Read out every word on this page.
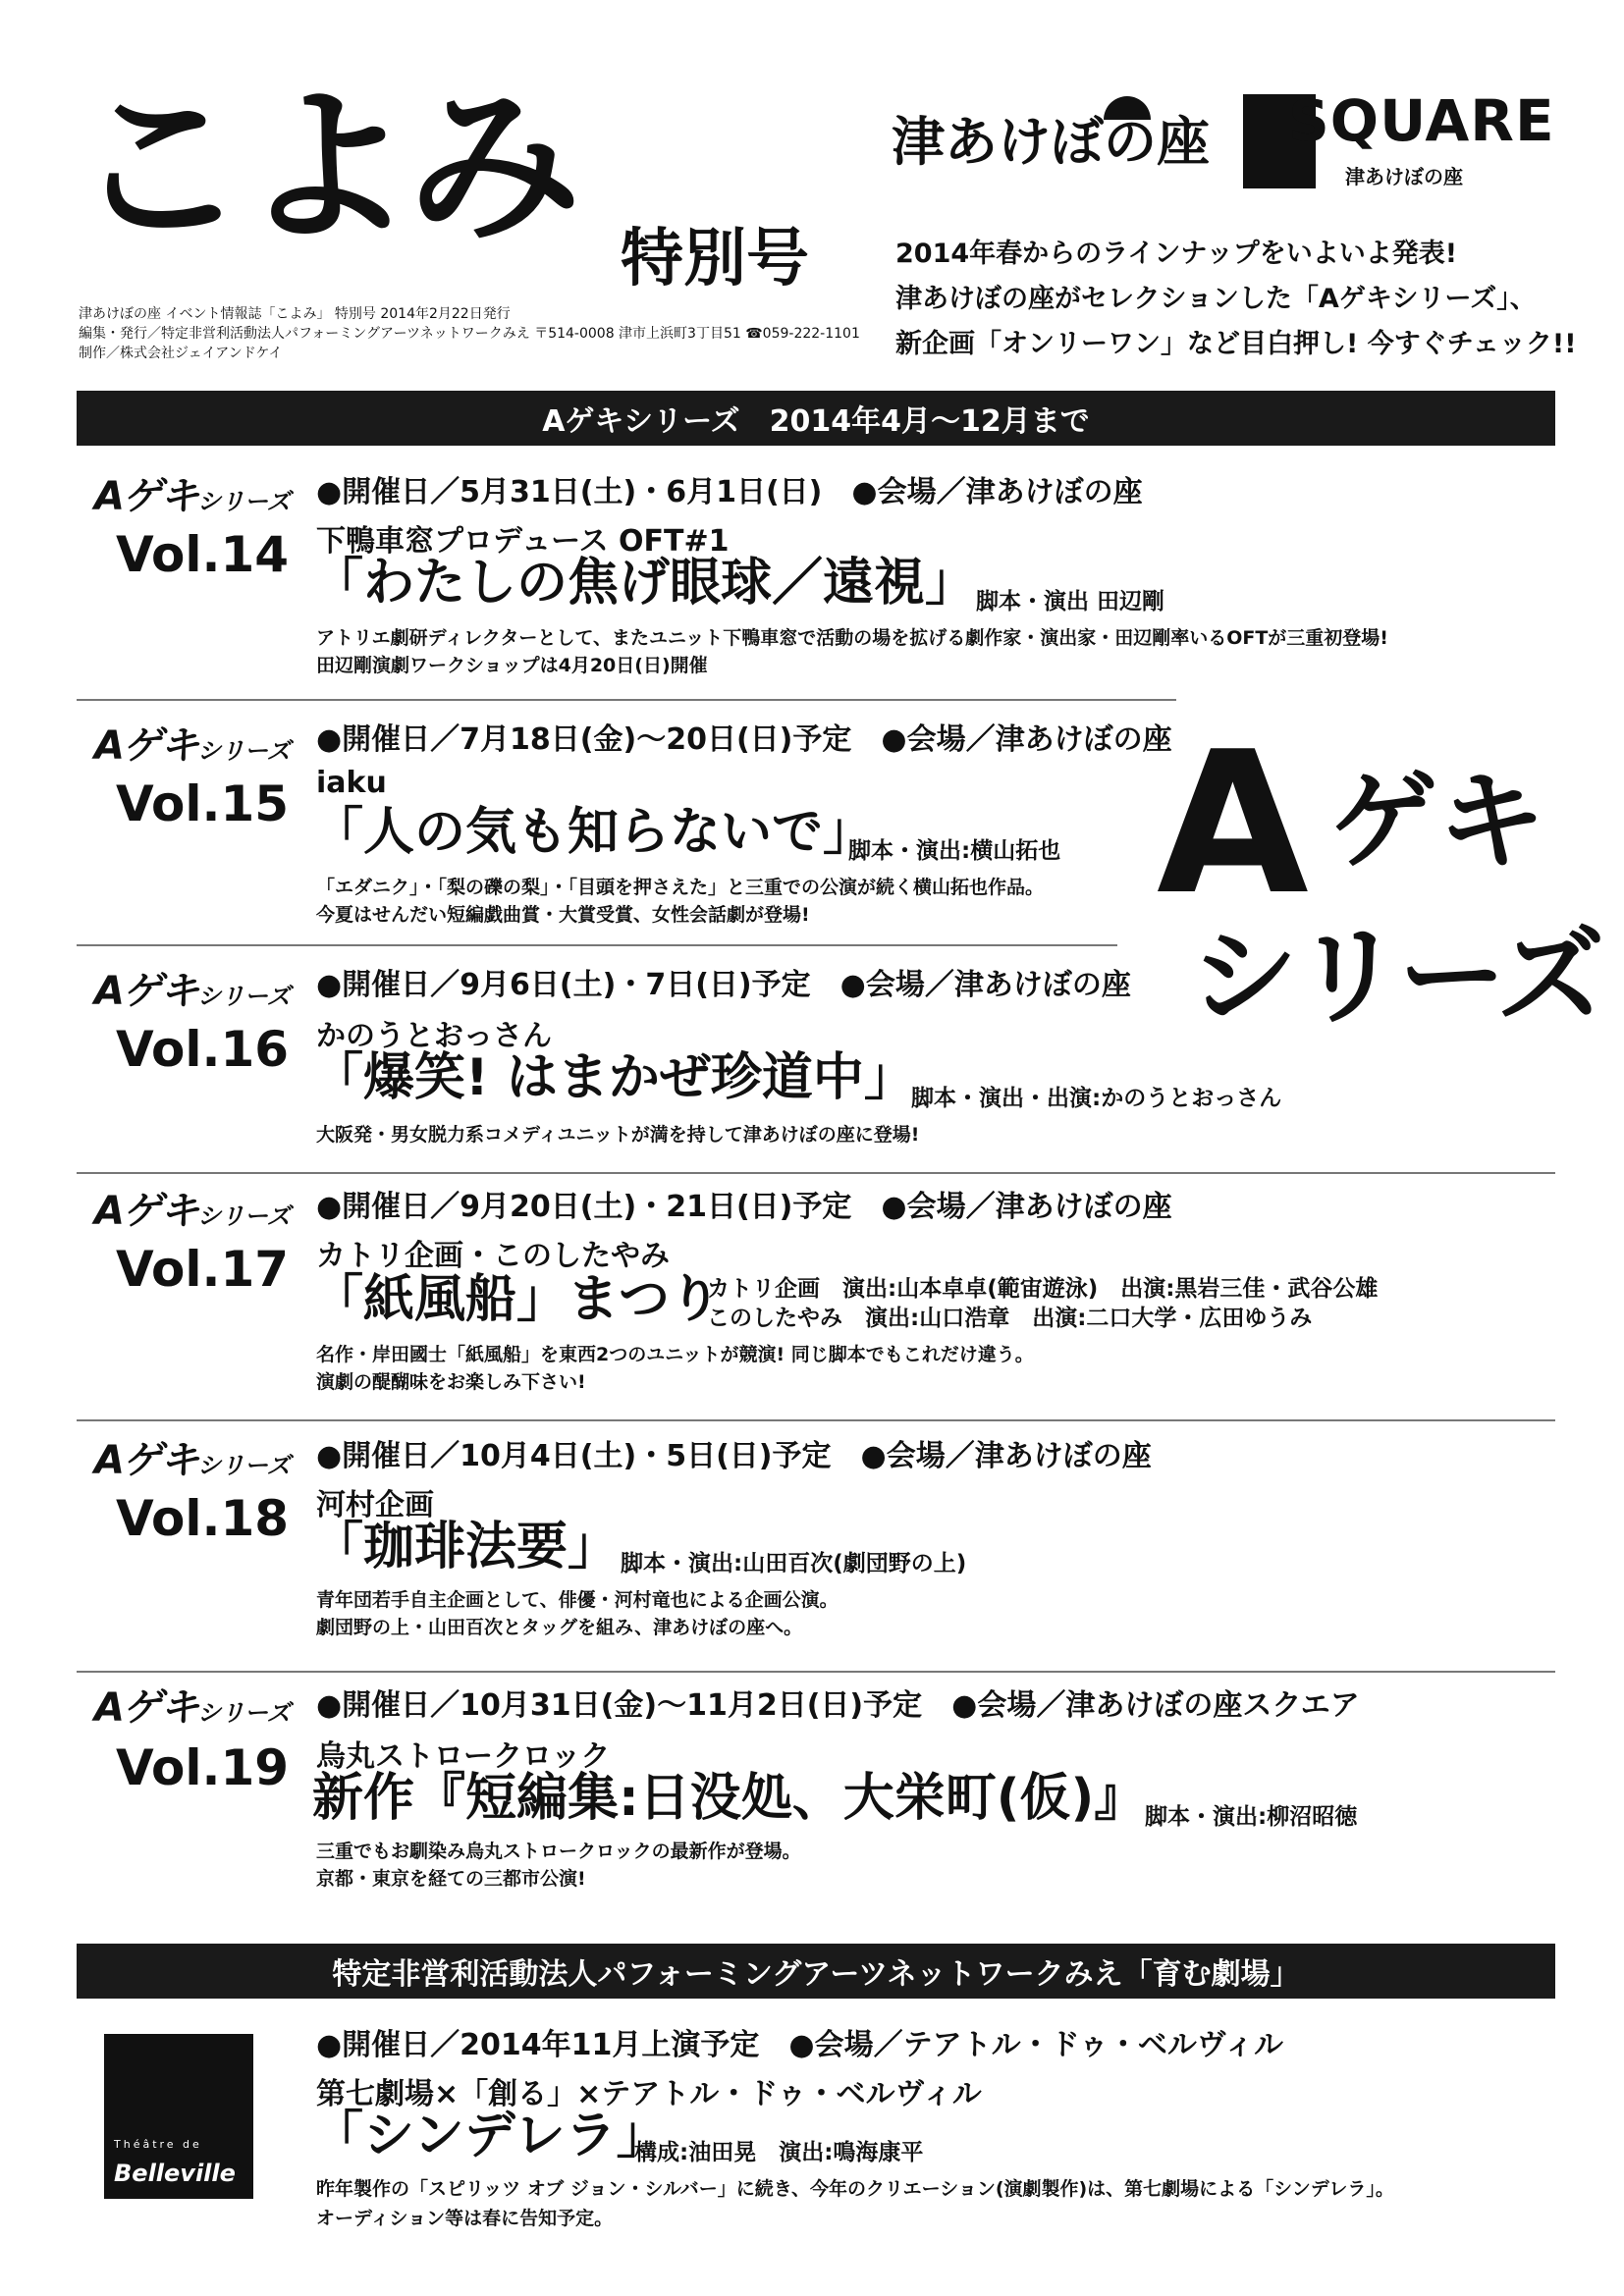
こよみ 特別号
津あけぼの座 イベント情報誌「こよみ」 特別号 2014年2月22日発行
編集・発行／特定非営利活動法人パフォーミングアーツネットワークみえ 〒514-0008 津市上浜町3丁目51 ☎059-222-1101
制作／株式会社ジェイアンドケイ
津あけぼの座 SQUARE
津あけぼの座
2014年春からのラインナップをいよいよ発表!
津あけぼの座がセレクションした「Aゲキシリーズ」、
新企画「オンリーワン」など目白押し! 今すぐチェック!!
Aゲキシリーズ　2014年4月〜12月まで
A ゲキ
シリーズ
Aゲキシリーズ
Vol.14
●開催日／5月31日(土)・6月1日(日)　●会場／津あけぼの座
下鴨車窓プロデュース OFT#1
「わたしの焦げ眼球／遠視」 脚本・演出 田辺剛
アトリエ劇研ディレクターとして、またユニット下鴨車窓で活動の場を拡げる劇作家・演出家・田辺剛率いるOFTが三重初登場!
田辺剛演劇ワークショップは4月20日(日)開催
Aゲキシリーズ
Vol.15
●開催日／7月18日(金)〜20日(日)予定　●会場／津あけぼの座
iaku
「人の気も知らないで」
脚本・演出:横山拓也
「エダニク」・「梨の礫の梨」・「目頭を押さえた」と三重での公演が続く横山拓也作品。
今夏はせんだい短編戯曲賞・大賞受賞、女性会話劇が登場!
Aゲキシリーズ
Vol.16
●開催日／9月6日(土)・7日(日)予定　●会場／津あけぼの座
かのうとおっさん
「爆笑! はまかぜ珍道中」
脚本・演出・出演:かのうとおっさん
大阪発・男女脱力系コメディユニットが満を持して津あけぼの座に登場!
Aゲキシリーズ
Vol.17
●開催日／9月20日(土)・21日(日)予定　●会場／津あけぼの座
カトリ企画・このしたやみ
「紙風船」まつり
カトリ企画　演出:山本卓卓(範宙遊泳)　出演:黒岩三佳・武谷公雄
このしたやみ　演出:山口浩章　出演:二口大学・広田ゆうみ
名作・岸田國士「紙風船」を東西2つのユニットが競演! 同じ脚本でもこれだけ違う。
演劇の醍醐味をお楽しみ下さい!
Aゲキシリーズ
Vol.18
●開催日／10月4日(土)・5日(日)予定　●会場／津あけぼの座
河村企画
「珈琲法要」 脚本・演出:山田百次(劇団野の上)
青年団若手自主企画として、俳優・河村竜也による企画公演。
劇団野の上・山田百次とタッグを組み、津あけぼの座へ。
Aゲキシリーズ
Vol.19
●開催日／10月31日(金)〜11月2日(日)予定　●会場／津あけぼの座スクエア
烏丸ストロークロック
新作『短編集:日没処、大栄町(仮)』 脚本・演出:柳沼昭徳
三重でもお馴染み烏丸ストロークロックの最新作が登場。
京都・東京を経ての三都市公演!
特定非営利活動法人パフォーミングアーツネットワークみえ「育む劇場」
Théâtre de
Belleville
●開催日／2014年11月上演予定　●会場／テアトル・ドゥ・ベルヴィル
第七劇場×「創る」×テアトル・ドゥ・ベルヴィル
「シンデレラ」
構成:油田晃　演出:鳴海康平
昨年製作の「スピリッツ オブ ジョン・シルバー」に続き、今年のクリエーション(演劇製作)は、第七劇場による「シンデレラ」。
オーディション等は春に告知予定。
